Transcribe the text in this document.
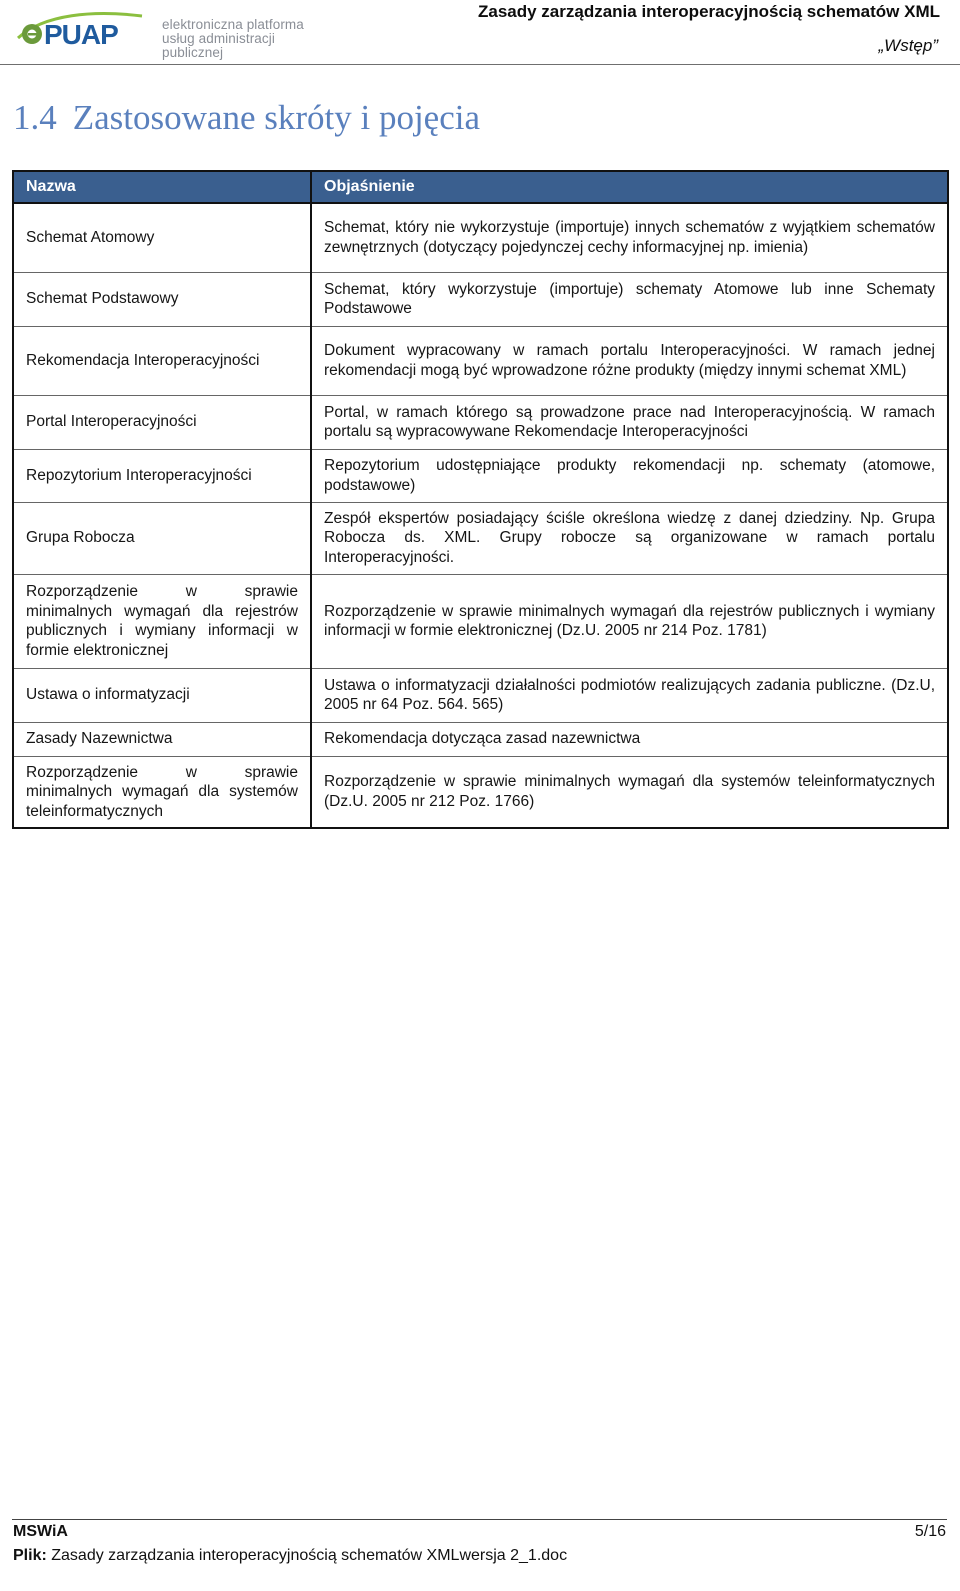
PUAP	elektroniczna platforma
usług administracji publicznej
Zasady zarządzania interoperacyjnością schematów XML
„Wstęp”
1.4 Zastosowane skróty i pojęcia
Nazwa	Objaśnienie
Schemat Atomowy	Schemat, który nie wykorzystuje (importuje) innych schematów z wyjątkiem schematów zewnętrznych (dotyczący pojedynczej cechy informacyjnej np. imienia)
Schemat Podstawowy	Schemat, który wykorzystuje (importuje) schematy Atomowe lub inne Schematy Podstawowe
Rekomendacja Interoperacyjności	Dokument wypracowany w ramach portalu Interoperacyjności. W ramach jednej rekomendacji mogą być wprowadzone różne produkty (między innymi schemat XML)
Portal Interoperacyjności	Portal, w ramach którego są prowadzone prace nad Interoperacyjnością. W ramach portalu są wypracowywane Rekomendacje Interoperacyjności
Repozytorium Interoperacyjności	Repozytorium udostępniające produkty rekomendacji np. schematy (atomowe, podstawowe)
Grupa Robocza	Zespół ekspertów posiadający ściśle określona wiedzę z danej dziedziny. Np. Grupa Robocza ds. XML. Grupy robocze są organizowane w ramach portalu Interoperacyjności.
Rozporządzenie w sprawie minimalnych wymagań dla rejestrów publicznych i wymiany informacji w formie elektronicznej	Rozporządzenie w sprawie minimalnych wymagań dla rejestrów publicznych i wymiany informacji w formie elektronicznej (Dz.U. 2005 nr 214 Poz. 1781)
Ustawa o informatyzacji	Ustawa o informatyzacji działalności podmiotów realizujących zadania publiczne. (Dz.U, 2005 nr 64 Poz. 564. 565)
Zasady Nazewnictwa	Rekomendacja dotycząca zasad nazewnictwa
Rozporządzenie w sprawie minimalnych wymagań dla systemów teleinformatycznych	Rozporządzenie w sprawie minimalnych wymagań dla systemów teleinformatycznych (Dz.U. 2005 nr 212 Poz. 1766)
MSWiA	5/16
Plik: Zasady zarządzania interoperacyjnością schematów XMLwersja 2_1.doc
